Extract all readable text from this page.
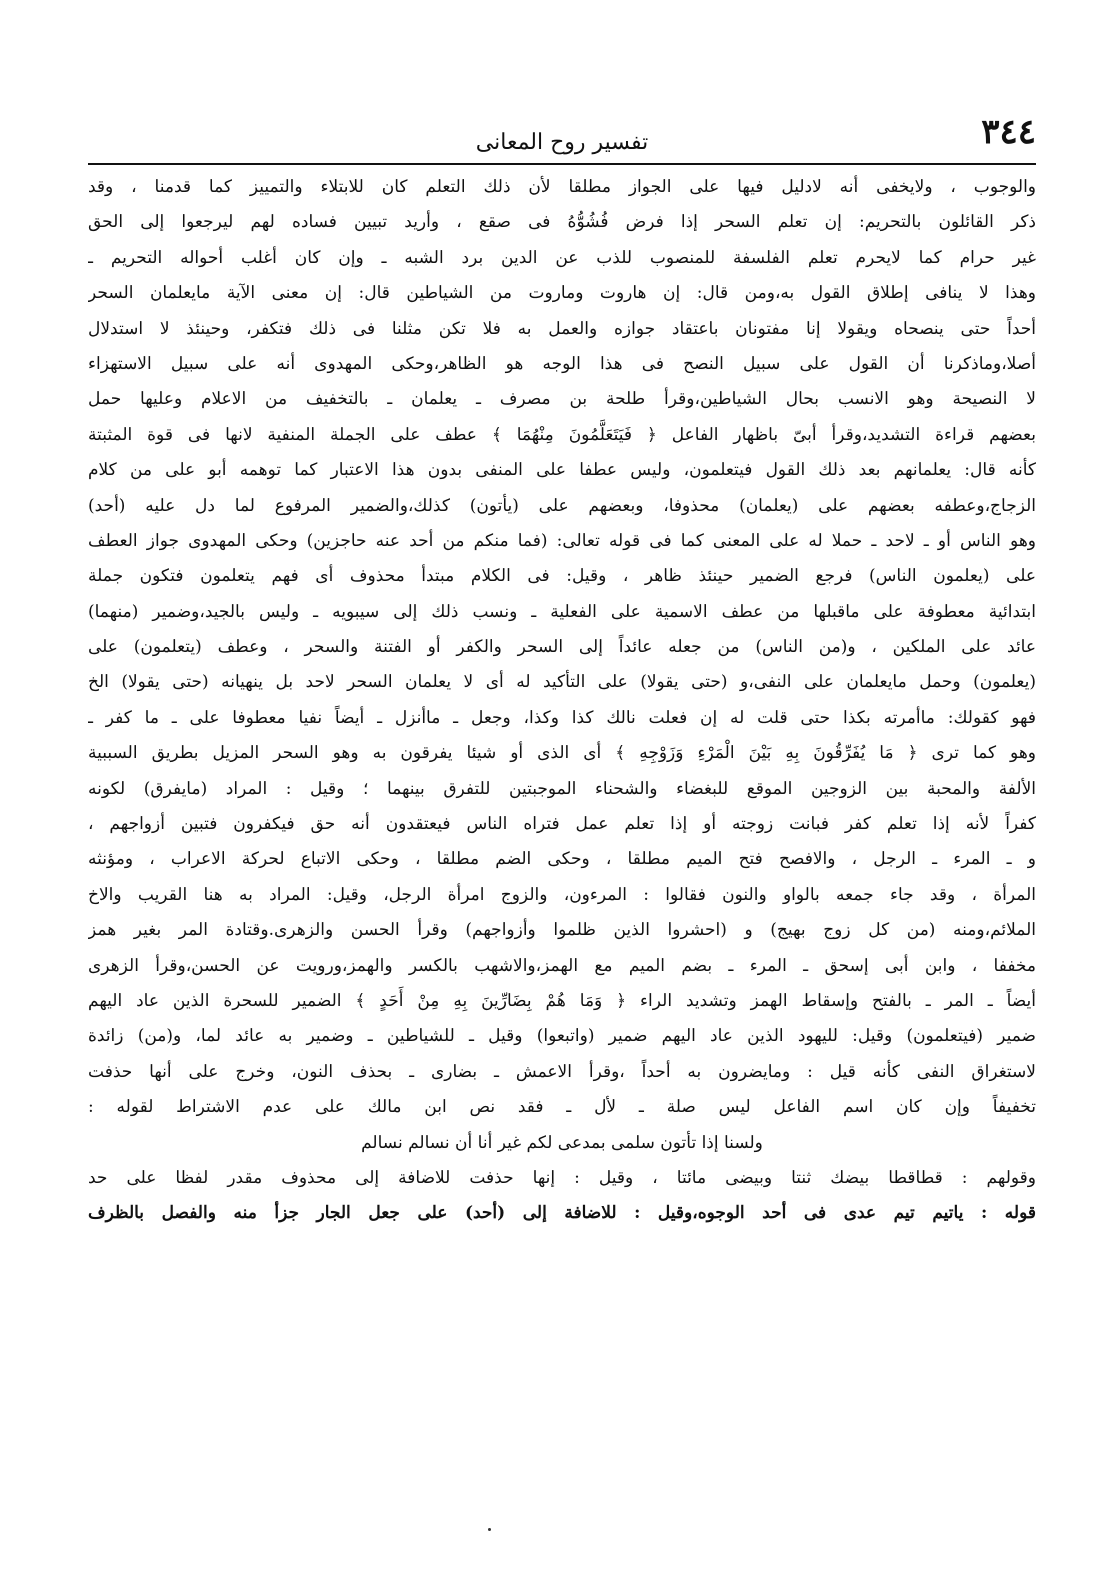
٣٤٤
تفسير روح المعانى
والوجوب ، ولايخفى أنه لادليل فيها على الجواز مطلقا لأن ذلك التعلم كان للابتلاء والتمييز كما قدمنا ، وقد
ذكر القائلون بالتحريم: إن تعلم السحر إذا فرض فُشُوُّهُ فى صقع ، وأريد تبيين فساده لهم ليرجعوا إلى الحق
غير حرام كما لايحرم تعلم الفلسفة للمنصوب للذب عن الدين برد الشبه ـ وإن كان أغلب أحواله التحريم ـ
وهذا لا ينافى إطلاق القول به،ومن قال: إن هاروت وماروت من الشياطين قال: إن معنى الآية مايعلمان السحر
أحداً حتى ينصحاه ويقولا إنا مفتونان باعتقاد جوازه والعمل به فلا تكن مثلنا فى ذلك فتكفر، وحينئذ لا استدلال
أصلا،وماذكرنا أن القول على سبيل النصح فى هذا الوجه هو الظاهر،وحكى المهدوى أنه على سبيل الاستهزاء
لا النصيحة وهو الانسب بحال الشياطين،وقرأ طلحة بن مصرف ـ يعلمان ـ بالتخفيف من الاعلام وعليها حمل
بعضهم قراءة التشديد،وقرأ أبىّ باظهار الفاعل ﴿ فَيَتَعَلَّمُونَ مِنْهُمَا ﴾ عطف على الجملة المنفية لانها فى قوة المثبتة
كأنه قال: يعلمانهم بعد ذلك القول فيتعلمون، وليس عطفا على المنفى بدون هذا الاعتبار كما توهمه أبو على من كلام
الزجاج،وعطفه بعضهم على (يعلمان) محذوفا، وبعضهم على (يأتون) كذلك،والضمير المرفوع لما دل عليه (أحد)
وهو الناس أو ـ لاحد ـ حملا له على المعنى كما فى قوله تعالى: (فما منكم من أحد عنه حاجزين) وحكى المهدوى جواز العطف
على (يعلمون الناس) فرجع الضمير حينئذ ظاهر ، وقيل: فى الكلام مبتدأ محذوف أى فهم يتعلمون فتكون جملة
ابتدائية معطوفة على ماقبلها من عطف الاسمية على الفعلية ـ ونسب ذلك إلى سيبويه ـ وليس بالجيد،وضمير (منهما)
عائد على الملكين ، و(من الناس) من جعله عائداً إلى السحر والكفر أو الفتنة والسحر ، وعطف (يتعلمون) على
(يعلمون) وحمل مايعلمان على النفى،و (حتى يقولا) على التأكيد له أى لا يعلمان السحر لاحد بل ينهيانه (حتى يقولا) الخ
فهو كقولك: ماأمرته بكذا حتى قلت له إن فعلت نالك كذا وكذا، وجعل ـ ماأنزل ـ أيضاً نفيا معطوفا على ـ ما كفر ـ
وهو كما ترى ﴿ مَا يُفَرِّقُونَ بِهِ بَيْنَ الْمَرْءِ وَزَوْجِهِ ﴾ أى الذى أو شيئا يفرقون به وهو السحر المزيل بطريق السببية
الألفة والمحبة بين الزوجين الموقع للبغضاء والشحناء الموجبتين للتفرق بينهما ؛ وقيل : المراد (مايفرق) لكونه
كفراً لأنه إذا تعلم كفر فبانت زوجته أو إذا تعلم عمل فتراه الناس فيعتقدون أنه حق فيكفرون فتبين أزواجهم ،
و ـ المرء ـ الرجل ، والافصح فتح الميم مطلقا ، وحكى الضم مطلقا ، وحكى الاتباع لحركة الاعراب ، ومؤنثه
المرأة ، وقد جاء جمعه بالواو والنون فقالوا : المرءون، والزوج امرأة الرجل، وقيل: المراد به هنا القريب والاخ
الملائم،ومنه (من كل زوج بهيج) و (احشروا الذين ظلموا وأزواجهم) وقرأ الحسن والزهرى.وقتادة المر بغير همز
مخففا ، وابن أبى إسحق ـ المرء ـ بضم الميم مع الهمز،والاشهب بالكسر والهمز،ورويت عن الحسن،وقرأ الزهرى
أيضاً ـ المر ـ بالفتح وإسقاط الهمز وتشديد الراء ﴿ وَمَا هُمْ بِضَارِّينَ بِهِ مِنْ أَحَدٍ ﴾ الضمير للسحرة الذين عاد اليهم
ضمير (فيتعلمون) وقيل: لليهود الذين عاد اليهم ضمير (واتبعوا) وقيل ـ للشياطين ـ وضمير به عائد لما، و(من) زائدة
لاستغراق النفى كأنه قيل : ومايضرون به أحداً ،وقرأ الاعمش ـ بضارى ـ بحذف النون، وخرج على أنها حذفت
تخفيفاً وإن كان اسم الفاعل ليس صلة ـ لأل ـ فقد نص ابن مالك على عدم الاشتراط لقوله :
ولسنا إذا تأتون سلمى بمدعى لكم غير أنا أن نسالم نسالم
وقولهم : قطاقطا بيضك ثنتا وبيضى مائتا ، وقيل : إنها حذفت للاضافة إلى محذوف مقدر لفظا على حد
قوله : ياتيم تيم عدى فى أحد الوجوه،وقيل : للاضافة إلى (أحد) على جعل الجار جزأ منه والفصل بالظرف
